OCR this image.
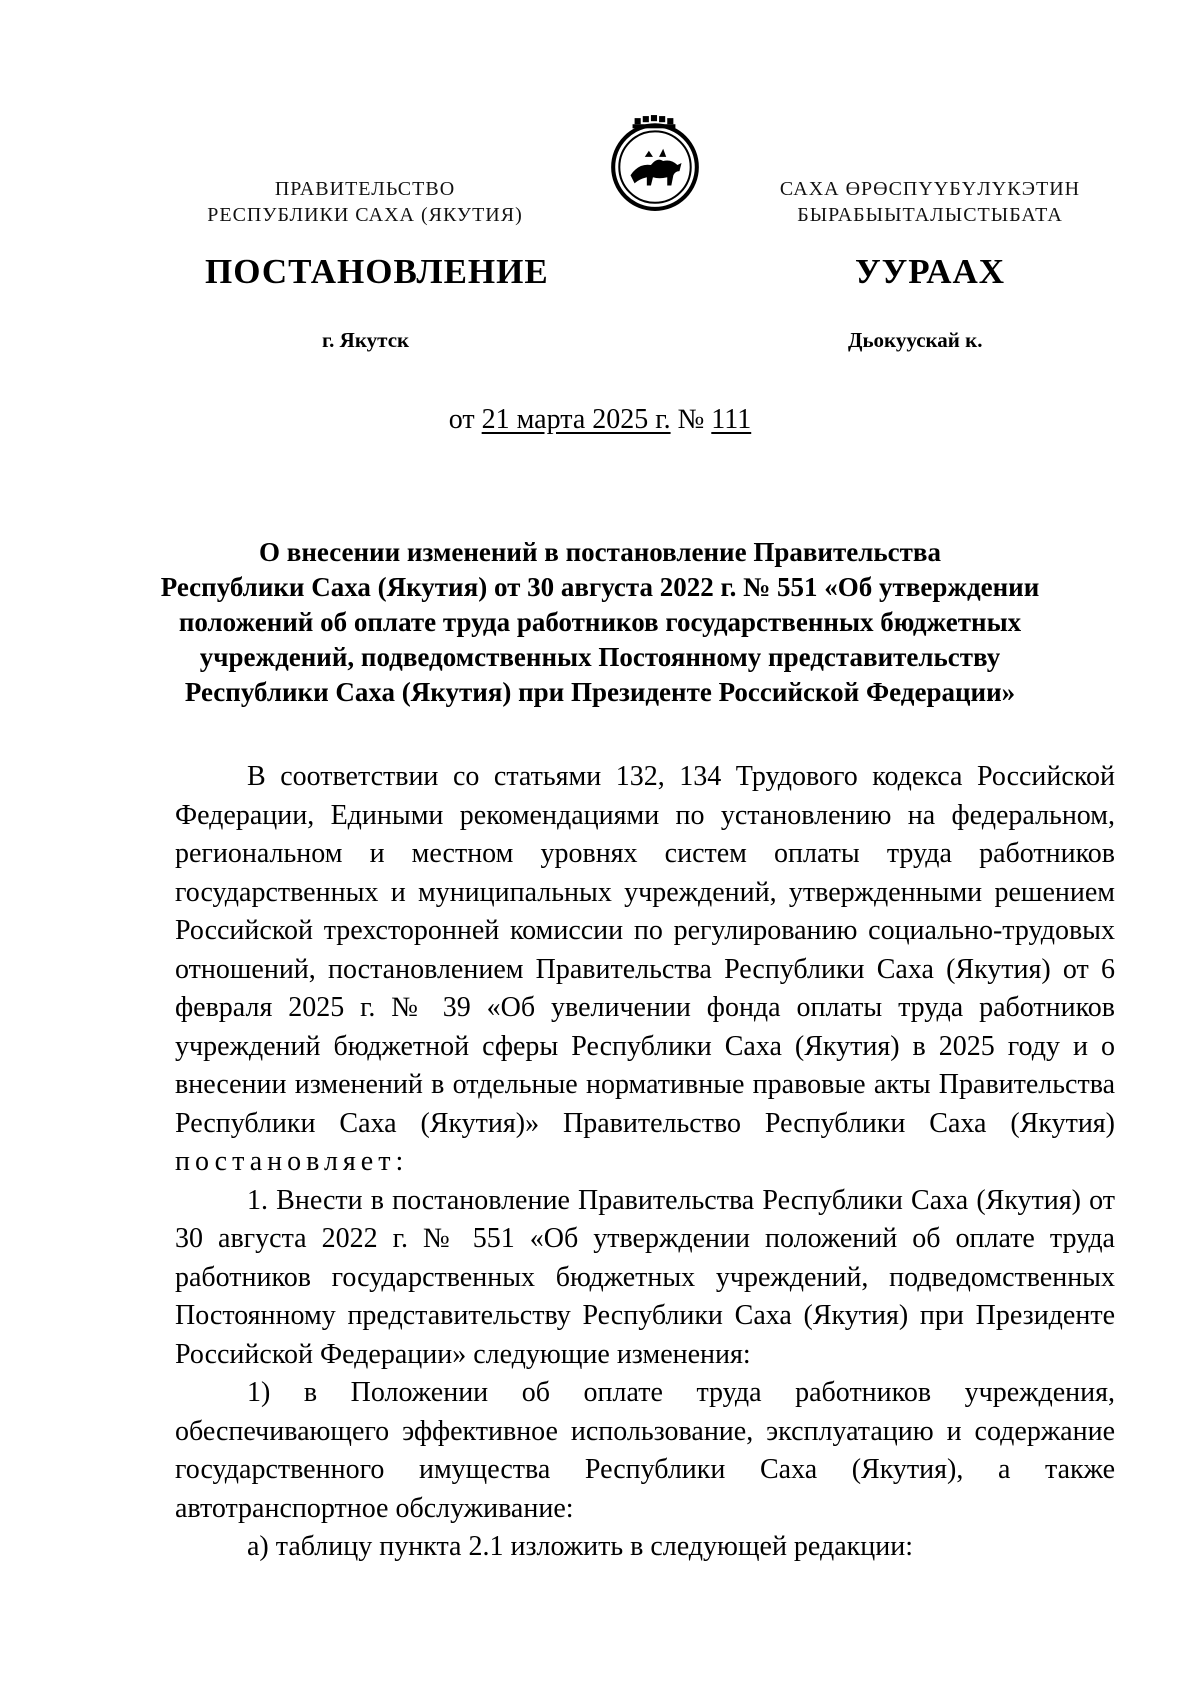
ПРАВИТЕЛЬСТВО
РЕСПУБЛИКИ САХА (ЯКУТИЯ)
САХА ӨРӨСПҮҮБҮЛҮКЭТИН
БЫРАБЫЫТАЛЫСТЫБАТА
ПОСТАНОВЛЕНИЕ	УУРААХ
г. Якутск	Дьокуускай к.
от 21 марта 2025 г. № 111
О внесении изменений в постановление Правительства
Республики Саха (Якутия) от 30 августа 2022 г. № 551 «Об утверждении
положений об оплате труда работников государственных бюджетных
учреждений, подведомственных Постоянному представительству
Республики Саха (Якутия) при Президенте Российской Федерации»
В соответствии со статьями 132, 134 Трудового кодекса Российской Федерации, Едиными рекомендациями по установлению на федеральном, региональном и местном уровнях систем оплаты труда работников государственных и муниципальных учреждений, утвержденными решением Российской трехсторонней комиссии по регулированию социально-трудовых отношений, постановлением Правительства Республики Саха (Якутия) от 6 февраля 2025 г. № 39 «Об увеличении фонда оплаты труда работников учреждений бюджетной сферы Республики Саха (Якутия) в 2025 году и о внесении изменений в отдельные нормативные правовые акты Правительства Республики Саха (Якутия)» Правительство Республики Саха (Якутия) постановляет:
1. Внести в постановление Правительства Республики Саха (Якутия) от 30 августа 2022 г. № 551 «Об утверждении положений об оплате труда работников государственных бюджетных учреждений, подведомственных Постоянному представительству Республики Саха (Якутия) при Президенте Российской Федерации» следующие изменения:
1) в Положении об оплате труда работников учреждения, обеспечивающего эффективное использование, эксплуатацию и содержание государственного имущества Республики Саха (Якутия), а также автотранспортное обслуживание:
а) таблицу пункта 2.1 изложить в следующей редакции:
